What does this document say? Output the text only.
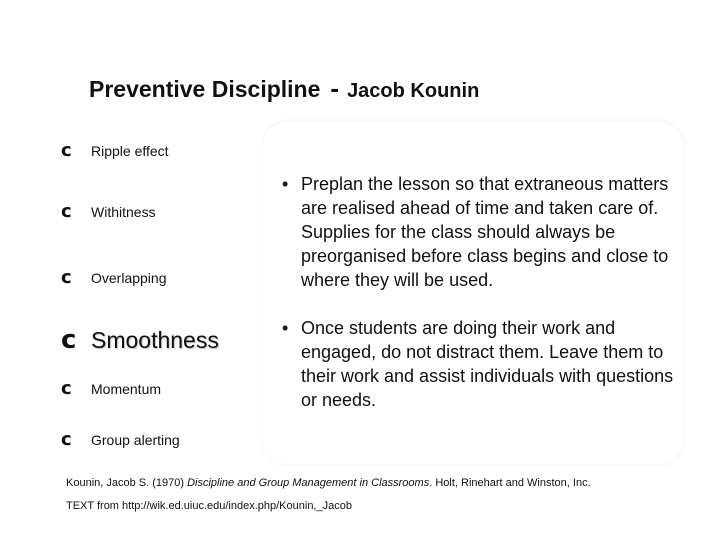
Preventive Discipline - Jacob Kounin
c	Ripple effect
c	Withitness
c	Overlapping
c Smoothness
c	Momentum
c	Group alerting
• Preplan the lesson so that extraneous matters are realised ahead of time and taken care of. Supplies for the class should always be preorganised before class begins and close to where they will be used.
• Once students are doing their work and engaged, do not distract them. Leave them to their work and assist individuals with questions or needs.
Kounin, Jacob S. (1970) Discipline and Group Management in Classrooms. Holt, Rinehart and Winston, Inc.
TEXT from http://wik.ed.uiuc.edu/index.php/Kounin,_Jacob
